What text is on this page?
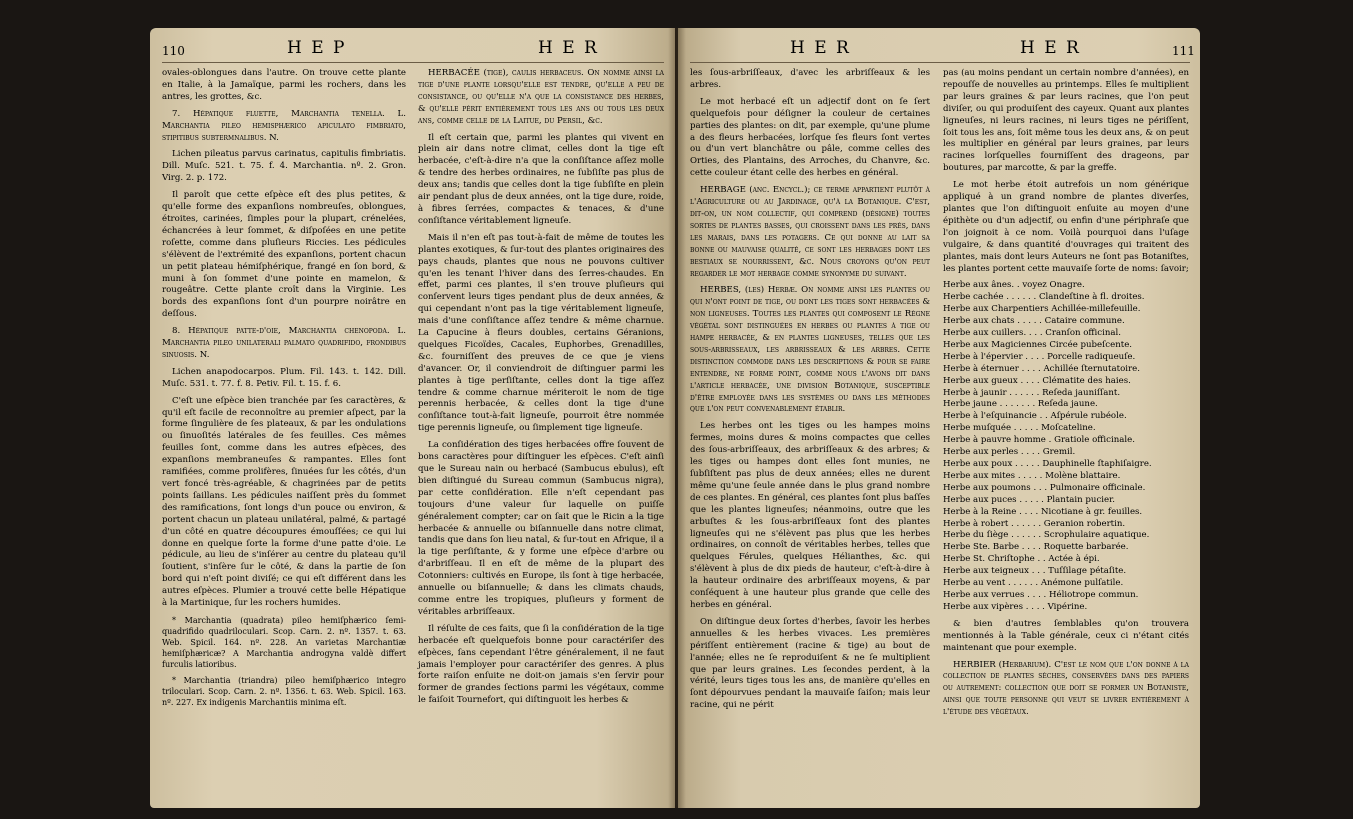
110	H E P	H E R

ovales-oblongues dans l'autre. On trouve cette plante en Italie, à la Jamaïque, parmi les rochers, dans les antres, les grottes, &c.

7. Hépatique fluette, Marchantia tenella. L. Marchantia pileo hemisphærico apiculato fimbriato, ſtipitibus ſubtermnalibus. N.

Lichen pileatus parvus carinatus, capitulis fimbriatis. Dill. Muſc. 521. t. 75. f. 4. Marchantia. nº. 2. Gron. Virg. 2. p. 172.

Il paroît que cette eſpèce eſt des plus petites, & qu'elle forme des expanſions nombreuſes, oblongues, étroites, carinées, ſimples pour la plupart, crénelées, échancrées à leur ſommet, & diſpoſées en une petite roſette, comme dans pluſieurs Riccies. Les pédicules s'élèvent de l'extrémité des expanſions, portent chacun un petit plateau hémiſphérique, frangé en ſon bord, & muni à ſon ſommet d'une pointe en mamelon, & rougeâtre. Cette plante croît dans la Virginie. Les bords des expanſions ſont d'un pourpre noirâtre en deſſous.

8. Hépatique patte-d'oie, Marchantia chenopoda. L. Marchantia pileo unilaterali palmato quadrifido, frondibus ſinuoſis. N.

Lichen anapodocarpos. Plum. Fil. 143. t. 142. Dill. Muſc. 531. t. 77. f. 8. Petiv. Fil. t. 15. f. 6.

C'eſt une eſpèce bien tranchée par ſes caractères, & qu'il eſt facile de reconnoître au premier aſpect, par la forme ſingulière de ſes plateaux, & par les ondulations ou ſinuoſités latérales de ſes feuilles. Ces mêmes feuilles ſont, comme dans les autres eſpèces, des expanſions membraneuſes & rampantes. Elles ſont ramifiées, comme prolifères, ſinuées ſur les côtés, d'un vert foncé très-agréable, & chagrinées par de petits points ſaillans. Les pédicules naiſſent près du ſommet des ramifications, ſont longs d'un pouce ou environ, & portent chacun un plateau unilatéral, palmé, & partagé d'un côté en quatre découpures émouſſées; ce qui lui donne en quelque ſorte la forme d'une patte d'oie. Le pédicule, au lieu de s'inſérer au centre du plateau qu'il ſoutient, s'inſère ſur le côté, & dans la partie de ſon bord qui n'eſt point diviſé; ce qui eſt différent dans les autres eſpèces. Plumier a trouvé cette belle Hépatique à la Martinique, ſur les rochers humides.

* Marchantia (quadrata) pileo hemiſphærico ſemi-quadrifido quadriloculari. Scop. Carn. 2. nº. 1357. t. 63. Web. Spicil. 164. nº. 228. An varietas Marchantiæ hemiſphæricæ? A Marchantia androgyna valdè differt furculis latioribus.

* Marchantia (triandra) pileo hemiſphærico integro triloculari. Scop. Carn. 2. nº. 1356. t. 63. Web. Spicil. 163. nº. 227. Ex indigenis Marchantiis minima eſt.

HERBACÉE (tige), caulis herbaceus. On nomme ainſi la tige d'une plante lorſqu'elle eſt tendre, qu'elle a peu de conſiſtance, ou qu'elle n'a que la conſiſtance des herbes, & qu'elle périt entièrement tous les ans ou tous les deux ans, comme celle de la Laitue, du Perſil, &c.

Il eſt certain que, parmi les plantes qui vivent en plein air dans notre climat, celles dont la tige eſt herbacée, c'eſt-à-dire n'a que la conſiſtance aſſez molle & tendre des herbes ordinaires, ne ſubſiſte pas plus de deux ans; tandis que celles dont la tige ſubſiſte en plein air pendant plus de deux années, ont la tige dure, roide, à fibres ſerrées, compactes & tenaces, & d'une conſiſtance véritablement ligneuſe.

Mais il n'en eſt pas tout-à-fait de même de toutes les plantes exotiques, & ſur-tout des plantes originaires des pays chauds, plantes que nous ne pouvons cultiver qu'en les tenant l'hiver dans des ſerres-chaudes. En effet, parmi ces plantes, il s'en trouve pluſieurs qui conſervent leurs tiges pendant plus de deux années, & qui cependant n'ont pas la tige véritablement ligneuſe, mais d'une conſiſtance aſſez tendre & même charnue. La Capucine à fleurs doubles, certains Géranions, quelques Ficoïdes, Cacales, Euphorbes, Grenadilles, &c. fourniſſent des preuves de ce que je viens d'avancer. Or, il conviendroit de diſtinguer parmi les plantes à tige perſiſtante, celles dont la tige aſſez tendre & comme charnue mériteroit le nom de tige perennis herbacée, & celles dont la tige d'une conſiſtance tout-à-fait ligneuſe, pourroit être nommée tige perennis ligneuſe, ou ſimplement tige ligneuſe.

La conſidération des tiges herbacées offre ſouvent de bons caractères pour diſtinguer les eſpèces. C'eſt ainſi que le Sureau nain ou herbacé (Sambucus ebulus), eſt bien diſtingué du Sureau commun (Sambucus nigra), par cette conſidération. Elle n'eſt cependant pas toujours d'une valeur ſur laquelle on puiſſe généralement compter; car on ſait que le Ricin a la tige herbacée & annuelle ou biſannuelle dans notre climat, tandis que dans ſon lieu natal, & ſur-tout en Afrique, il a la tige perſiſtante, & y forme une eſpèce d'arbre ou d'arbriſſeau. Il en eſt de même de la plupart des Cotonniers: cultivés en Europe, ils ſont à tige herbacée, annuelle ou biſannuelle; & dans les climats chauds, comme entre les tropiques, pluſieurs y forment de véritables arbriſſeaux.

Il réſulte de ces faits, que ſi la conſidération de la tige herbacée eſt quelquefois bonne pour caractériſer des eſpèces, ſans cependant l'être généralement, il ne faut jamais l'employer pour caractériſer des genres. A plus forte raiſon enſuite ne doit-on jamais s'en ſervir pour former de grandes ſections parmi les végétaux, comme le faiſoit Tournefort, qui diſtinguoit les herbes &

H E R	H E R	111

les ſous-arbriſſeaux, d'avec les arbriſſeaux & les arbres.

Le mot herbacé eſt un adjectif dont on ſe ſert quelquefois pour déſigner la couleur de certaines parties des plantes: on dit, par exemple, qu'une plume a des fleurs herbacées, lorſque ſes fleurs ſont vertes ou d'un vert blanchâtre ou pâle, comme celles des Orties, des Plantains, des Arroches, du Chanvre, &c. cette couleur étant celle des herbes en général.

HERBAGE (anc. Encycl.); ce terme appartient plutôt à l'Agriculture ou au Jardinage, qu'à la Botanique. C'eſt, dit-on, un nom collectif, qui comprend (déſigne) toutes ſortes de plantes baſſes, qui croiſſent dans les prés, dans les marais, dans les potagers. Ce qui donne au lait ſa bonne ou mauvaiſe qualité, ce ſont les herbages dont les beſtiaux ſe nourriſſent, &c. Nous croyons qu'on peut regarder le mot herbage comme ſynonyme du ſuivant.

HERBES, (les) Herbæ. On nomme ainſi les plantes ou qui n'ont point de tige, ou dont les tiges ſont herbacées & non ligneuſes. Toutes les plantes qui compoſent le Règne végétal ſont diſtinguées en herbes ou plantes à tige ou hampe herbacée, & en plantes ligneuſes, telles que les ſous-arbriſſeaux, les arbriſſeaux & les arbres. Cette diſtinction commode dans les deſcriptions & pour ſe faire entendre, ne forme point, comme nous l'avons dit dans l'article herbacée, une diviſion Botanique, ſuſceptible d'être employée dans les ſyſtèmes ou dans les méthodes que l'on peut convenablement établir.

Les herbes ont les tiges ou les hampes moins fermes, moins dures & moins compactes que celles des ſous-arbriſſeaux, des arbriſſeaux & des arbres; & les tiges ou hampes dont elles ſont munies, ne ſubſiſtent pas plus de deux années; elles ne durent même qu'une ſeule année dans le plus grand nombre de ces plantes. En général, ces plantes ſont plus baſſes que les plantes ligneuſes; néanmoins, outre que les arbuſtes & les ſous-arbriſſeaux ſont des plantes ligneuſes qui ne s'élèvent pas plus que les herbes ordinaires, on connoît de véritables herbes, telles que quelques Férules, quelques Hélianthes, &c. qui s'élèvent à plus de dix pieds de hauteur, c'eſt-à-dire à la hauteur ordinaire des arbriſſeaux moyens, & par conſéquent à une hauteur plus grande que celle des herbes en général.

On diſtingue deux ſortes d'herbes, ſavoir les herbes annuelles & les herbes vivaces. Les premières périſſent entièrement (racine & tige) au bout de l'année; elles ne ſe reproduiſent & ne ſe multiplient que par leurs graines. Les ſecondes perdent, à la vérité, leurs tiges tous les ans, de manière qu'elles en ſont dépourvues pendant la mauvaiſe ſaiſon; mais leur racine, qui ne périt

pas (au moins pendant un certain nombre d'années), en repouſſe de nouvelles au printemps. Elles ſe multiplient par leurs graines & par leurs racines, que l'on peut diviſer, ou qui produiſent des cayeux. Quant aux plantes ligneuſes, ni leurs racines, ni leurs tiges ne périſſent, ſoit tous les ans, ſoit même tous les deux ans, & on peut les multiplier en général par leurs graines, par leurs racines lorſquelles fourniſſent des drageons, par boutures, par marcotte, & par la greffe.

Le mot herbe étoit autrefois un nom générique appliqué à un grand nombre de plantes diverſes, plantes que l'on diſtinguoit enſuite au moyen d'une épithète ou d'un adjectif, ou enfin d'une périphraſe que l'on joignoit à ce nom. Voilà pourquoi dans l'uſage vulgaire, & dans quantité d'ouvrages qui traitent des plantes, mais dont leurs Auteurs ne ſont pas Botaniſtes, les plantes portent cette mauvaiſe ſorte de noms: ſavoir;

Herbe aux ânes. . voyez Onagre.
Herbe cachée . . . . . . Clandeſtine à fl. droites.
Herbe aux Charpentiers Achillée-millefeuille.
Herbe aux chats . . . . . Cataire commune.
Herbe aux cuillers. . . . Cranſon officinal.
Herbe aux Magiciennes Circée pubeſcente.
Herbe à l'épervier . . . . Porcelle radiqueuſe.
Herbe à éternuer . . . . Achillée ſternutatoire.
Herbe aux gueux . . . . Clématite des haies.
Herbe à jaunir . . . . . . Reſeda jauniſſant.
Herbe jaune . . . . . . . Reſeda jaune.
Herbe à l'eſquinancie . . Aſpérule rubéole.
Herbe muſquée . . . . . Moſcateline.
Herbe à pauvre homme . Gratiole officinale.
Herbe aux perles . . . . Gremil.
Herbe aux poux . . . . . Dauphinelle ſtaphiſaigre.
Herbe aux mites . . . . . Molène blattaire.
Herbe aux poumons . . . Pulmonaire officinale.
Herbe aux puces . . . . . Plantain pucier.
Herbe à la Reine . . . . Nicotiane à gr. feuilles.
Herbe à robert . . . . . . Geranion robertin.
Herbe du ſiège . . . . . . Scrophulaire aquatique.
Herbe Ste. Barbe . . . . Roquette barbarée.
Herbe St. Chriſtophe . . Actée à épi.
Herbe aux teigneux . . . Tuſſilage pétaſite.
Herbe au vent . . . . . . Anémone pulſatile.
Herbe aux verrues . . . . Héliotrope commun.
Herbe aux vipères . . . . Vipérine.

& bien d'autres ſemblables qu'on trouvera mentionnés à la Table générale, ceux ci n'étant cités maintenant que pour exemple.

HERBIER (Herbarium). C'eſt le nom que l'on donne à la collection de plantes sèches, conſervées dans des papiers ou autrement: collection que doit ſe former un Botaniſte, ainſi que toute perſonne qui veut ſe livrer entièrement à l'étude des végétaux.
